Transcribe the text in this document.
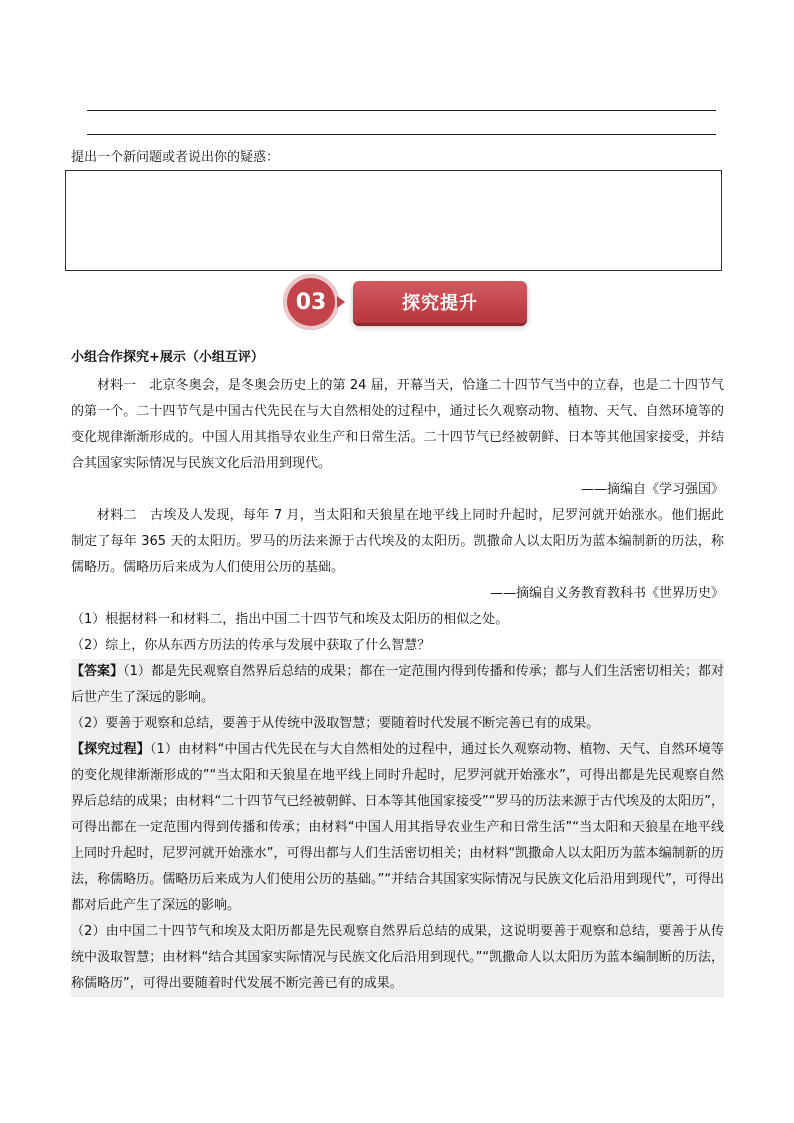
提出一个新问题或者说出你的疑惑：
03	探究提升

小组合作探究+展示（小组互评）

材料一　北京冬奥会，是冬奥会历史上的第 24 届，开幕当天，恰逢二十四节气当中的立春，也是二十四节气的第一个。二十四节气是中国古代先民在与大自然相处的过程中，通过长久观察动物、植物、天气、自然环境等的变化规律渐渐形成的。中国人用其指导农业生产和日常生活。二十四节气已经被朝鲜、日本等其他国家接受，并结合其国家实际情况与民族文化后沿用到现代。

——摘编自《学习强国》

材料二　古埃及人发现，每年 7 月，当太阳和天狼星在地平线上同时升起时，尼罗河就开始涨水。他们据此制定了每年 365 天的太阳历。罗马的历法来源于古代埃及的太阳历。凯撒命人以太阳历为蓝本编制新的历法，称儒略历。儒略历后来成为人们使用公历的基础。

——摘编自义务教育教科书《世界历史》

（1）根据材料一和材料二，指出中国二十四节气和埃及太阳历的相似之处。

（2）综上，你从东西方历法的传承与发展中获取了什么智慧？

【答案】（1）都是先民观察自然界后总结的成果；都在一定范围内得到传播和传承；都与人们生活密切相关；都对后世产生了深远的影响。

（2）要善于观察和总结，要善于从传统中汲取智慧；要随着时代发展不断完善已有的成果。

【探究过程】（1）由材料“中国古代先民在与大自然相处的过程中，通过长久观察动物、植物、天气、自然环境等的变化规律渐渐形成的”“当太阳和天狼星在地平线上同时升起时，尼罗河就开始涨水”，可得出都是先民观察自然界后总结的成果；由材料“二十四节气已经被朝鲜、日本等其他国家接受”“罗马的历法来源于古代埃及的太阳历”，可得出都在一定范围内得到传播和传承；由材料“中国人用其指导农业生产和日常生活”“当太阳和天狼星在地平线上同时升起时，尼罗河就开始涨水”，可得出都与人们生活密切相关；由材料“凯撒命人以太阳历为蓝本编制新的历法，称儒略历。儒略历后来成为人们使用公历的基础。”“并结合其国家实际情况与民族文化后沿用到现代”，可得出都对后此产生了深远的影响。

（2）由中国二十四节气和埃及太阳历都是先民观察自然界后总结的成果，这说明要善于观察和总结，要善于从传统中汲取智慧；由材料“结合其国家实际情况与民族文化后沿用到现代。”“凯撒命人以太阳历为蓝本编制断的历法，称儒略历”，可得出要随着时代发展不断完善已有的成果。
